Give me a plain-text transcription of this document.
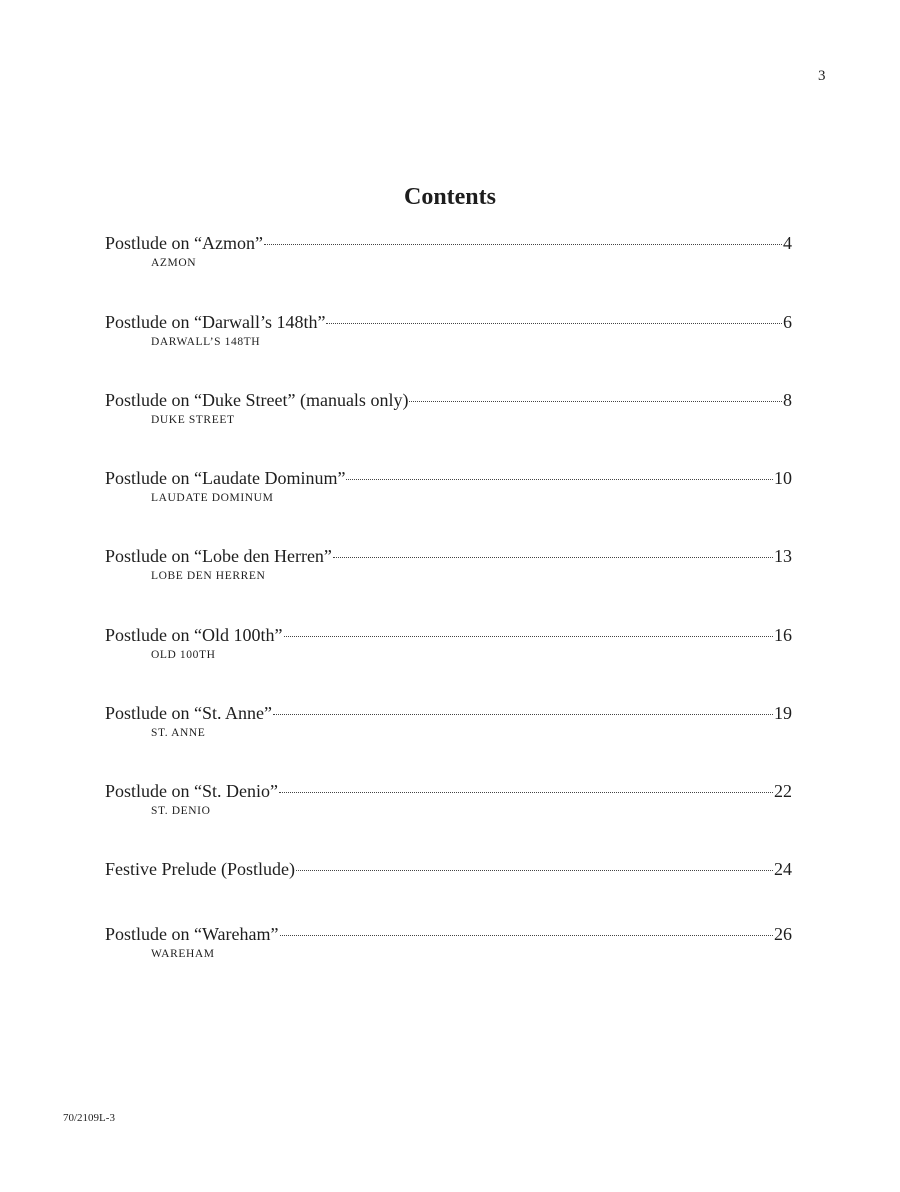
3
Contents
Postlude on “Azmon”	4
AZMON
Postlude on “Darwall’s 148th”	6
DARWALL’S 148TH
Postlude on “Duke Street” (manuals only)	8
DUKE STREET
Postlude on “Laudate Dominum”	10
LAUDATE DOMINUM
Postlude on “Lobe den Herren”	13
LOBE DEN HERREN
Postlude on “Old 100th”	16
OLD 100TH
Postlude on “St. Anne”	19
ST. ANNE
Postlude on “St. Denio”	22
ST. DENIO
Festive Prelude (Postlude)	24
Postlude on “Wareham”	26
WAREHAM
70/2109L-3
